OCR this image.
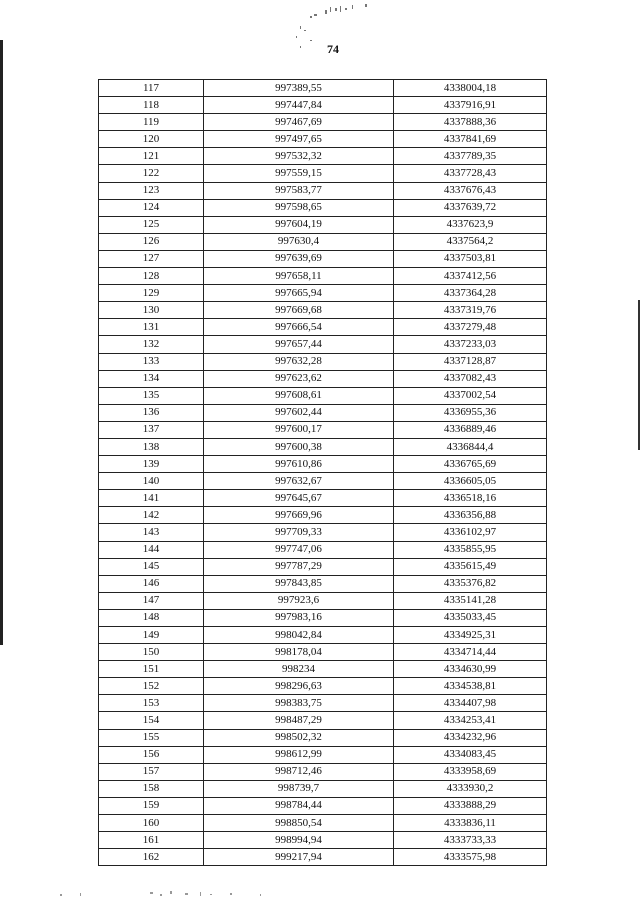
74
117	997389,55	4338004,18
118	997447,84	4337916,91
119	997467,69	4337888,36
120	997497,65	4337841,69
121	997532,32	4337789,35
122	997559,15	4337728,43
123	997583,77	4337676,43
124	997598,65	4337639,72
125	997604,19	4337623,9
126	997630,4	4337564,2
127	997639,69	4337503,81
128	997658,11	4337412,56
129	997665,94	4337364,28
130	997669,68	4337319,76
131	997666,54	4337279,48
132	997657,44	4337233,03
133	997632,28	4337128,87
134	997623,62	4337082,43
135	997608,61	4337002,54
136	997602,44	4336955,36
137	997600,17	4336889,46
138	997600,38	4336844,4
139	997610,86	4336765,69
140	997632,67	4336605,05
141	997645,67	4336518,16
142	997669,96	4336356,88
143	997709,33	4336102,97
144	997747,06	4335855,95
145	997787,29	4335615,49
146	997843,85	4335376,82
147	997923,6	4335141,28
148	997983,16	4335033,45
149	998042,84	4334925,31
150	998178,04	4334714,44
151	998234	4334630,99
152	998296,63	4334538,81
153	998383,75	4334407,98
154	998487,29	4334253,41
155	998502,32	4334232,96
156	998612,99	4334083,45
157	998712,46	4333958,69
158	998739,7	4333930,2
159	998784,44	4333888,29
160	998850,54	4333836,11
161	998994,94	4333733,33
162	999217,94	4333575,98
